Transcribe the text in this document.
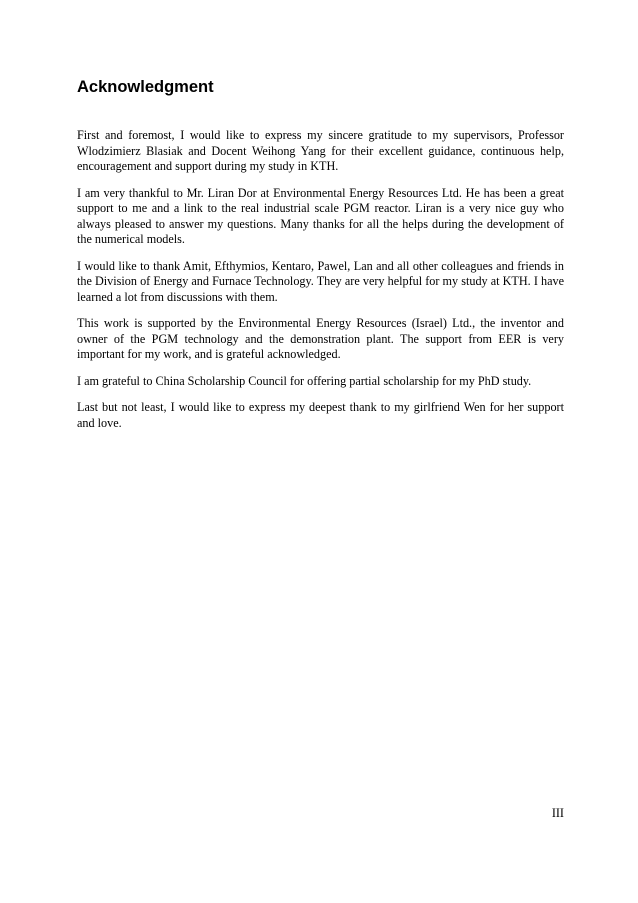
Acknowledgment

First and foremost, I would like to express my sincere gratitude to my supervisors, Professor Wlodzimierz Blasiak and Docent Weihong Yang for their excellent guidance, continuous help, encouragement and support during my study in KTH.

I am very thankful to Mr. Liran Dor at Environmental Energy Resources Ltd. He has been a great support to me and a link to the real industrial scale PGM reactor. Liran is a very nice guy who always pleased to answer my questions. Many thanks for all the helps during the development of the numerical models.

I would like to thank Amit, Efthymios, Kentaro, Pawel, Lan and all other colleagues and friends in the Division of Energy and Furnace Technology. They are very helpful for my study at KTH. I have learned a lot from discussions with them.

This work is supported by the Environmental Energy Resources (Israel) Ltd., the inventor and owner of the PGM technology and the demonstration plant. The support from EER is very important for my work, and is grateful acknowledged.

I am grateful to China Scholarship Council for offering partial scholarship for my PhD study.

Last but not least, I would like to express my deepest thank to my girlfriend Wen for her support and love.

III
